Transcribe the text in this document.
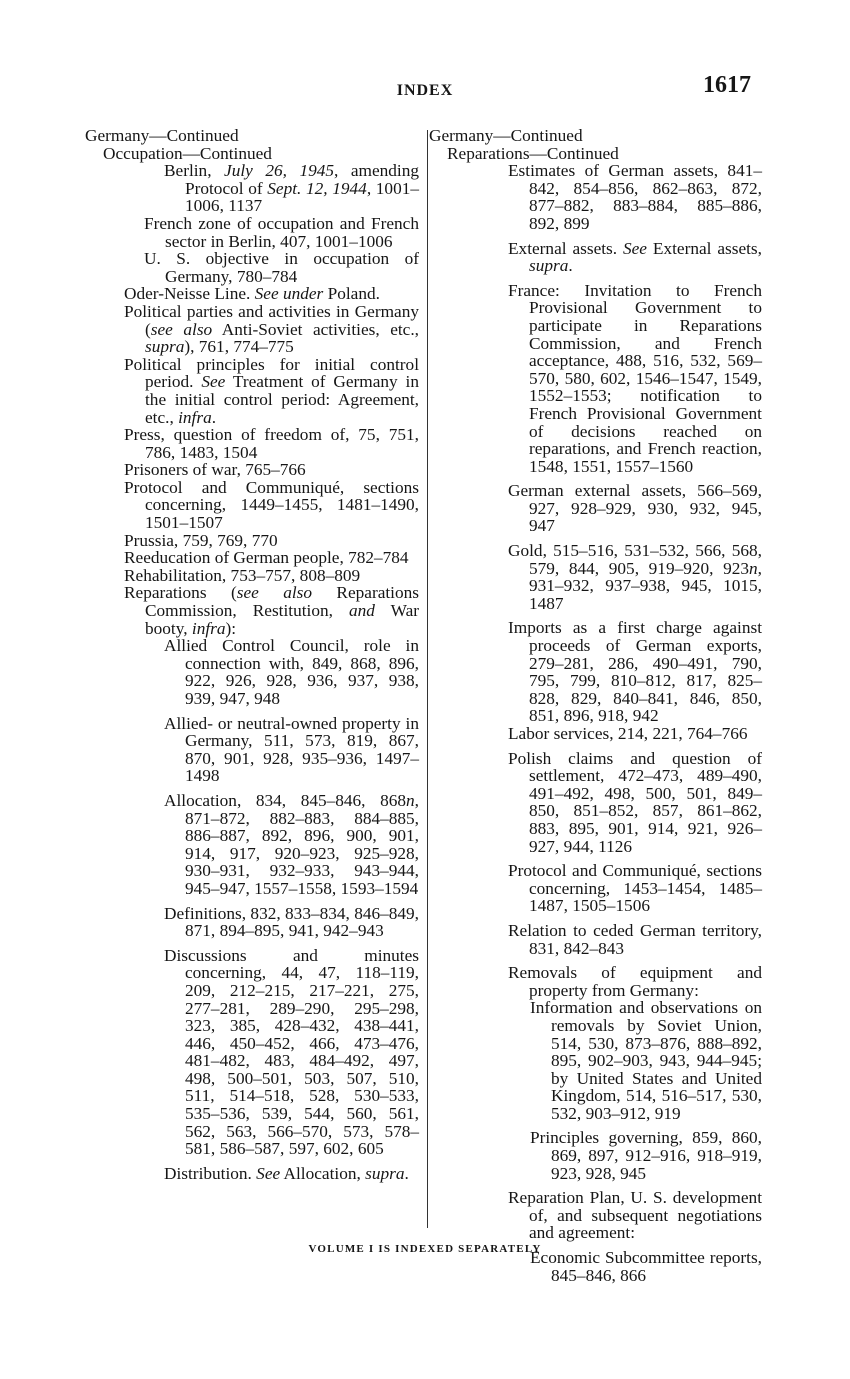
INDEX	1617
Germany—Continued
Occupation—Continued
Berlin, July 26, 1945, amending Protocol of Sept. 12, 1944, 1001–1006, 1137
French zone of occupation and French sector in Berlin, 407, 1001–1006
U. S. objective in occupation of Germany, 780–784
Oder-Neisse Line. See under Poland.
Political parties and activities in Germany (see also Anti-Soviet activities, etc., supra), 761, 774–775
Political principles for initial control period. See Treatment of Germany in the initial control period: Agreement, etc., infra.
Press, question of freedom of, 75, 751, 786, 1483, 1504
Prisoners of war, 765–766
Protocol and Communiqué, sections concerning, 1449–1455, 1481–1490, 1501–1507
Prussia, 759, 769, 770
Reeducation of German people, 782–784
Rehabilitation, 753–757, 808–809
Reparations (see also Reparations Commission, Restitution, and War booty, infra):
Allied Control Council, role in connection with, 849, 868, 896, 922, 926, 928, 936, 937, 938, 939, 947, 948
Allied- or neutral-owned property in Germany, 511, 573, 819, 867, 870, 901, 928, 935–936, 1497–1498
Allocation, 834, 845–846, 868n, 871–872, 882–883, 884–885, 886–887, 892, 896, 900, 901, 914, 917, 920–923, 925–928, 930–931, 932–933, 943–944, 945–947, 1557–1558, 1593–1594
Definitions, 832, 833–834, 846–849, 871, 894–895, 941, 942–943
Discussions and minutes concerning, 44, 47, 118–119, 209, 212–215, 217–221, 275, 277–281, 289–290, 295–298, 323, 385, 428–432, 438–441, 446, 450–452, 466, 473–476, 481–482, 483, 484–492, 497, 498, 500–501, 503, 507, 510, 511, 514–518, 528, 530–533, 535–536, 539, 544, 560, 561, 562, 563, 566–570, 573, 578–581, 586–587, 597, 602, 605
Distribution. See Allocation, supra.
Germany—Continued
Reparations—Continued
Estimates of German assets, 841–842, 854–856, 862–863, 872, 877–882, 883–884, 885–886, 892, 899
External assets. See External assets, supra.
France: Invitation to French Provisional Government to participate in Reparations Commission, and French acceptance, 488, 516, 532, 569–570, 580, 602, 1546–1547, 1549, 1552–1553; notification to French Provisional Government of decisions reached on reparations, and French reaction, 1548, 1551, 1557–1560
German external assets, 566–569, 927, 928–929, 930, 932, 945, 947
Gold, 515–516, 531–532, 566, 568, 579, 844, 905, 919–920, 923n, 931–932, 937–938, 945, 1015, 1487
Imports as a first charge against proceeds of German exports, 279–281, 286, 490–491, 790, 795, 799, 810–812, 817, 825–828, 829, 840–841, 846, 850, 851, 896, 918, 942
Labor services, 214, 221, 764–766
Polish claims and question of settlement, 472–473, 489–490, 491–492, 498, 500, 501, 849–850, 851–852, 857, 861–862, 883, 895, 901, 914, 921, 926–927, 944, 1126
Protocol and Communiqué, sections concerning, 1453–1454, 1485–1487, 1505–1506
Relation to ceded German territory, 831, 842–843
Removals of equipment and property from Germany:
Information and observations on removals by Soviet Union, 514, 530, 873–876, 888–892, 895, 902–903, 943, 944–945; by United States and United Kingdom, 514, 516–517, 530, 532, 903–912, 919
Principles governing, 859, 860, 869, 897, 912–916, 918–919, 923, 928, 945
Reparation Plan, U. S. development of, and subsequent negotiations and agreement:
Economic Subcommittee reports, 845–846, 866
VOLUME I IS INDEXED SEPARATELY
